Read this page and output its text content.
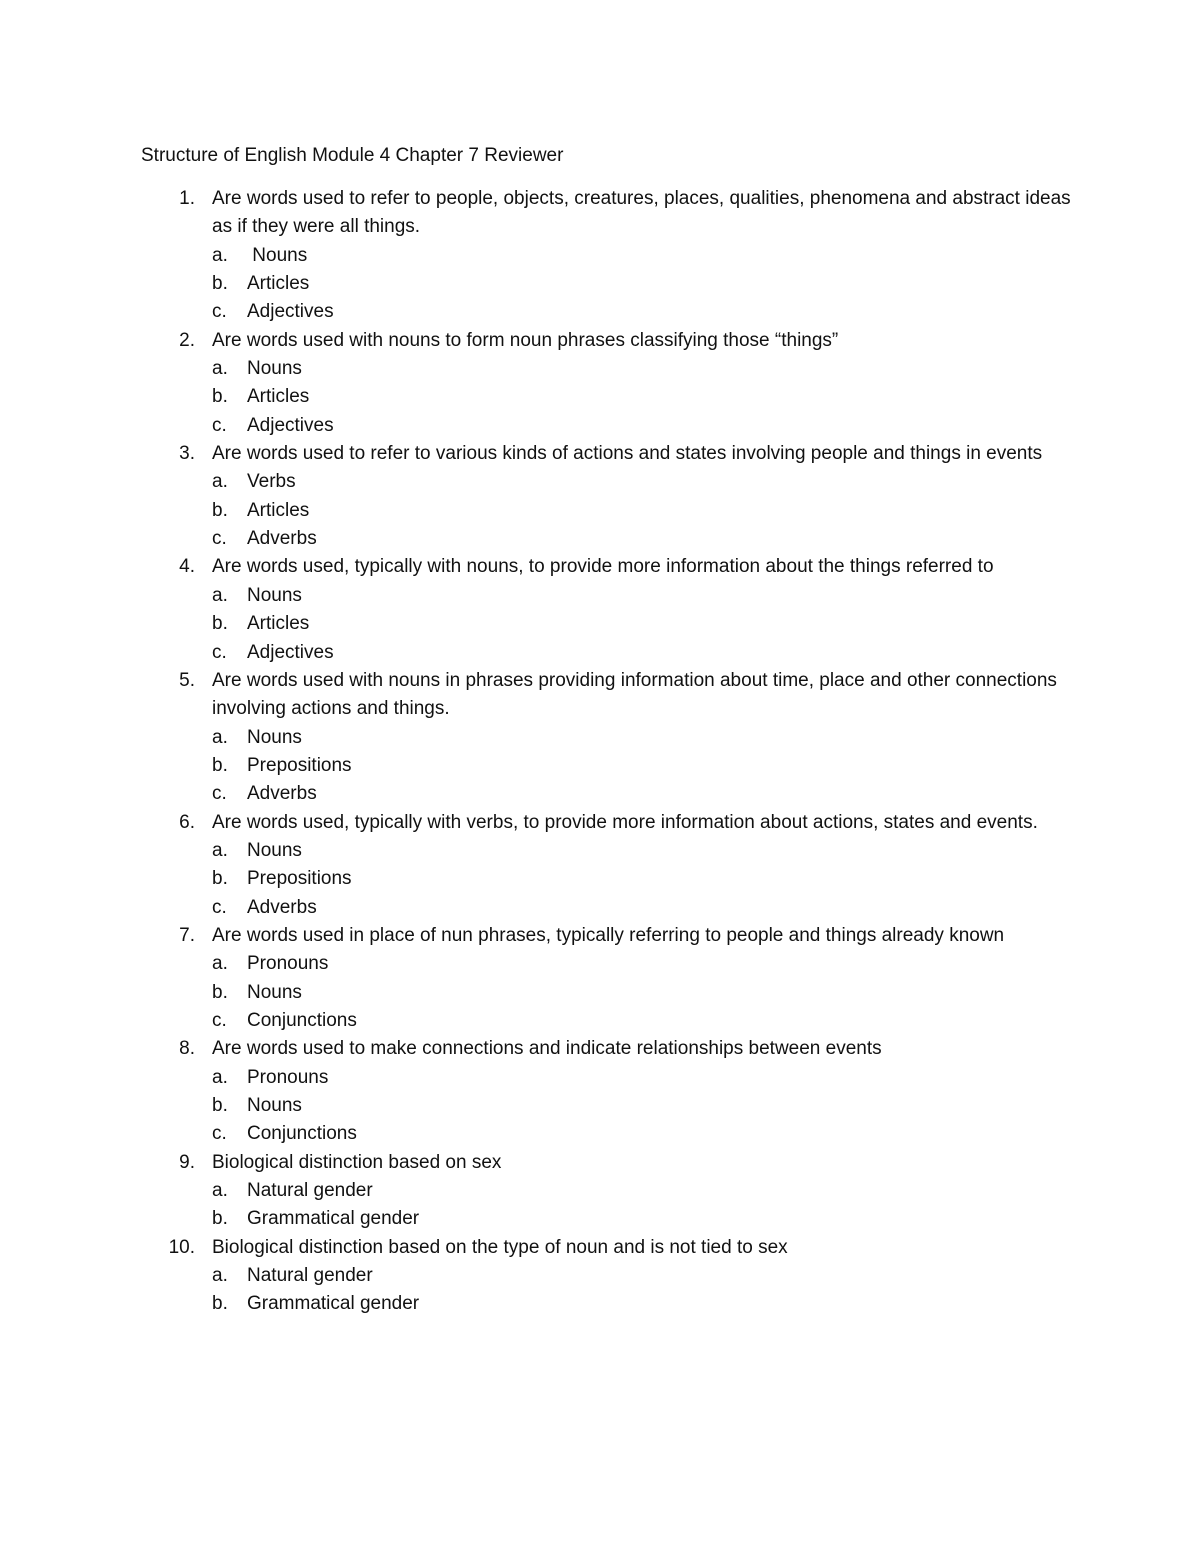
Structure of English Module 4 Chapter 7 Reviewer
1. Are words used to refer to people, objects, creatures, places, qualities, phenomena and abstract ideas as if they were all things.
a. Nouns
b. Articles
c. Adjectives
2. Are words used with nouns to form noun phrases classifying those “things”
a. Nouns
b. Articles
c. Adjectives
3. Are words used to refer to various kinds of actions and states involving people and things in events
a. Verbs
b. Articles
c. Adverbs
4. Are words used, typically with nouns, to provide more information about the things referred to
a. Nouns
b. Articles
c. Adjectives
5. Are words used with nouns in phrases providing information about time, place and other connections involving actions and things.
a. Nouns
b. Prepositions
c. Adverbs
6. Are words used, typically with verbs, to provide more information about actions, states and events.
a. Nouns
b. Prepositions
c. Adverbs
7. Are words used in place of nun phrases, typically referring to people and things already known
a. Pronouns
b. Nouns
c. Conjunctions
8. Are words used to make connections and indicate relationships between events
a. Pronouns
b. Nouns
c. Conjunctions
9. Biological distinction based on sex
a. Natural gender
b. Grammatical gender
10. Biological distinction based on the type of noun and is not tied to sex
a. Natural gender
b. Grammatical gender
